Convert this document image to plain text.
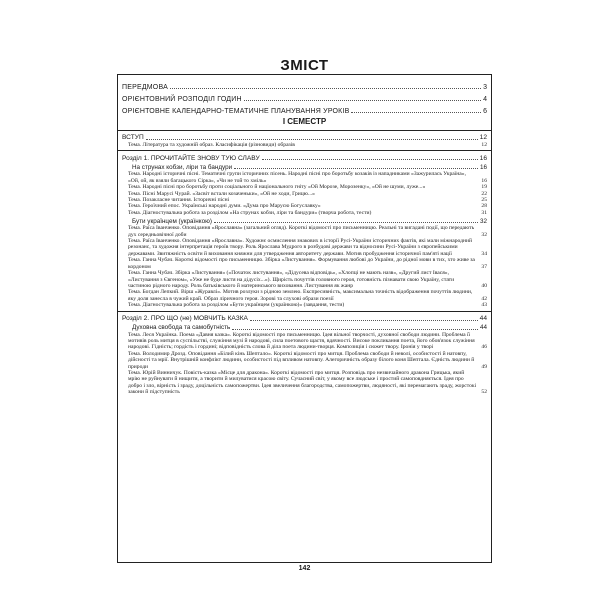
ЗМІСТ
ПЕРЕДМОВА	3
ОРІЄНТОВНИЙ РОЗПОДІЛ ГОДИН	4
ОРІЄНТОВНЕ КАЛЕНДАРНО-ТЕМАТИЧНЕ ПЛАНУВАННЯ УРОКІВ	6
І СЕМЕСТР
ВСТУП	12
Тема. Література та художній образ. Класифікація (різновиди) образів	12
Розділ 1. ПРОЧИТАЙТЕ ЗНОВУ ТУЮ СЛАВУ	16
На струнах кобзи, ліри та бандури	16
Тема. Народні історичні пісні. Тематичні групи історичних пісень. Народні пісні про боротьбу козаків із нападниками «Зажурилась Україна», «Ой, ой, як взяли багацького Сірка», «Чи не той то хміль»	16
Тема. Народні пісні про боротьбу проти соціального й національного гніту «Ой Морозе, Морозенку», «Ой не шуми, луже...»	19
Тема. Пісні Марусі Чурай. «Засвіт встали козаченьки», «Ой не ходи, Грицю...»	22
Тема. Позакласне читання. Історичні пісні	25
Тема. Героїчний епос. Українські народні думи. «Дума про Марусю Богуславку»	28
Тема. Діагностувальна робота за розділом «На струнах кобзи, ліри та бандури» (творча робота, тести)	31
Бути українцем (українкою)	32
Тема. Раїса Іванченко. Оповідання «Ярославна» (загальний огляд). Короткі відомості про письменницю. Реальні та вигадані події, що передають дух середньовічної доби	32
Тема. Раїса Іванченко. Оповідання «Ярославна». Художнє осмислення знакових в історії Русі-України історичних фактів, які мали міжнародний резонанс, та художня інтерпретація героїв твору. Роль Ярослава Мудрого в розбудові держави та відносини Русі-України з європейськими державами. Звитяжність освіти й виховання княжни для утвердження авторитету держави. Мотив пробудження історичної пам'яті нації	34
Тема. Ганна Чубач. Короткі відомості про письменницю. Збірка «Листування». Формування любові до України, до рідної мови в тих, хто живе за кордоном	37
Тема. Ганна Чубач. Збірка «Листування» («Початок листування», «Дідусева відповідь», «Хлопці не мають назв», «Другий лист Івася», «Листування з Євгеном», «Уже не буде листя на дідусіх...»). Щирість почуттів головного героя, готовність пізнавати свою Україну, стати частиною рідного народу. Роль батьківського й материнського виховання. Листування як жанр	40
Тема. Богдан Лепкий. Вірш «Журавлі». Мотив розлуки з рідною землею. Експресивність, максимальна точність відображення почуттів людини, яку доля занесла в чужий край. Образ ліричного героя. Зорові та слухові образи поезії	42
Тема. Діагностувальна робота за розділом «Бути українцем (українкою)» (завдання, тести)	43
Розділ 2. ПРО ЩО (не) МОВЧИТЬ КАЗКА	44
Духовна свобода та самобутність	44
Тема. Леся Українка. Поема «Давня казка». Короткі відомості про письменницю. Ідея вільної творчості, духовної свободи людини. Проблема її мотивів роль митця в суспільстві, служіння музі й народові, сила поетового щастя, вдячності. Високе покликання поета, його обов'язок служіння народові. Гідність; гордість і гордині; відповідність слова й діла поета людини-творця. Композиція і сюжет твору. Іронія у творі	46
Тема. Володимир Дрозд. Оповідання «Білий кінь Шептало». Короткі відомості про митця. Проблема свободи й неволі, особистості й натовпу, дійсності та мрії. Внутрішній конфлікт людини, особистості під впливом натовпу. Алегоричність образу білого коня Шептала. Єдність людини й природи	49
Тема. Юрій Винничук. Повість-казка «Місце для дракона». Короткі відомості про митця. Розповідь про незвичайного дракона Грицька, який мрію не руйнувати й нищити, а творити й милуватися красою світу. Сучасний світ, у якому все людське і простий самоповдняється. Ідея про добро і зло, вірність і зраду, доцільність самопожертви. Ідея звеличення благородства, самопожертви, людяності, які перемагають зраду, жорстокі закони й підступність	52
142
